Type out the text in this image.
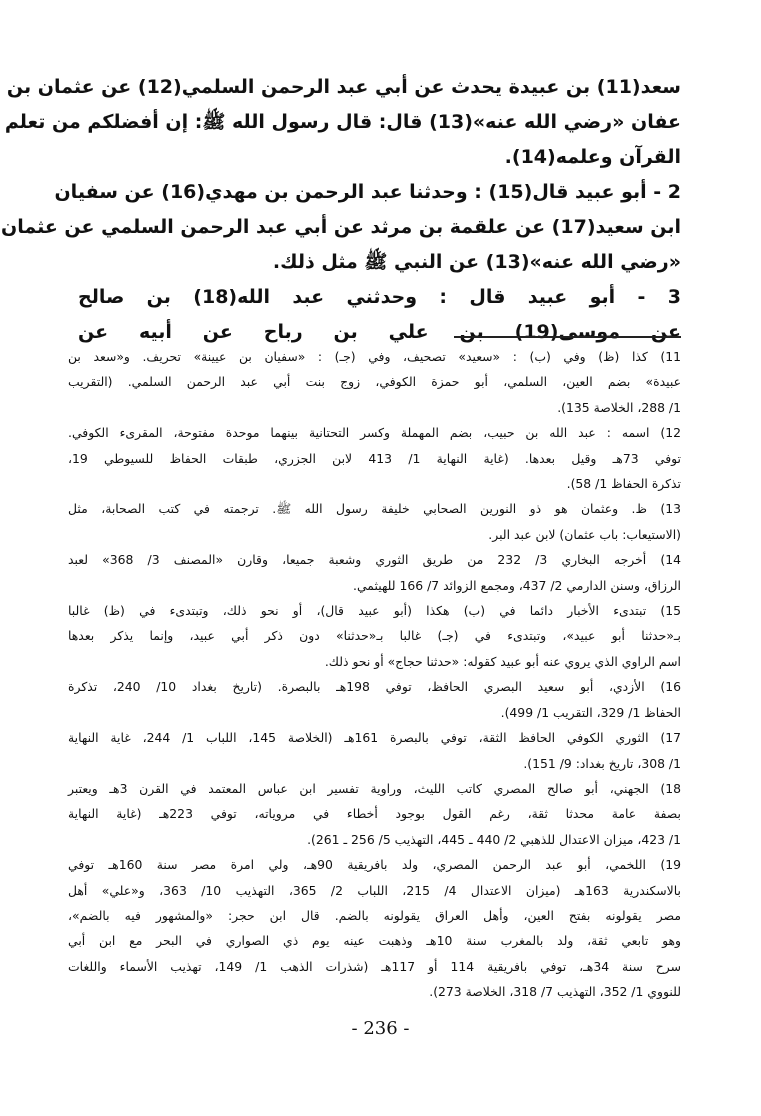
سعد(11) بن عبيدة يحدث عن أبي عبد الرحمن السلمي(12) عن عثمان بن

عفان «رضي الله عنه»(13) قال: قال رسول الله ﷺ: إن أفضلكم من تعلم

القرآن وعلمه(14).

2 - أبو عبيد قال(15) : وحدثنا عبد الرحمن بن مهدي(16) عن سفيان

ابن سعيد(17) عن علقمة بن مرثد عن أبي عبد الرحمن السلمي عن عثمان

«رضي الله عنه»(13) عن النبي ﷺ مثل ذلك.

3 - أبو عبيد قال : وحدثني عبد الله(18) بن صالح

عن موسى(19) بن علي بن رباح عن أبيه عن

11) كذا (ظ) وفي (ب) : «سعيد» تصحيف، وفي (جـ) : «سفيان بن عيينة» تحريف. و«سعد بن
عبيدة» بضم العين، السلمي، أبو حمزة الكوفي، زوج بنت أبي عبد الرحمن السلمي. (التقريب
1/ 288، الخلاصة 135).
12) اسمه : عبد الله بن حبيب، بضم المهملة وكسر التحتانية بينهما موحدة مفتوحة، المقرىء الكوفي.
توفي 73هـ وقيل بعدها. (غاية النهاية 1/ 413 لابن الجزري، طبقات الحفاظ للسيوطي 19،
تذكرة الحفاظ 1/ 58).
13) ظ. وعثمان هو ذو النورين الصحابي خليفة رسول الله ﷺ. ترجمته في كتب الصحابة، مثل
(الاستيعاب: باب عثمان) لابن عبد البر.
14) أخرجه البخاري 3/ 232 من طريق الثوري وشعبة جميعا، وقارن «المصنف 3/ 368» لعبد
الرزاق، وسنن الدارمي 2/ 437، ومجمع الزوائد 7/ 166 للهيثمي.
15) تبتدىء الأخبار دائما في (ب) هكذا (أبو عبيد قال)، أو نحو ذلك، وتبتدىء في (ظ) غالبا
بـ«حدثنا أبو عبيد»، وتبتدىء في (جـ) غالبا بـ«حدثنا» دون ذكر أبي عبيد، وإنما يذكر بعدها
اسم الراوي الذي يروي عنه أبو عبيد كقوله: «حدثنا حجاج» أو نحو ذلك.
16) الأزدي، أبو سعيد البصري الحافظ، توفي 198هـ بالبصرة. (تاريخ بغداد 10/ 240، تذكرة
الحفاظ 1/ 329، التقريب 1/ 499).
17) الثوري الكوفي الحافظ الثقة، توفي بالبصرة 161هـ (الخلاصة 145، اللباب 1/ 244، غاية النهاية
1/ 308، تاريخ بغداد: 9/ 151).
18) الجهني، أبو صالح المصري كاتب الليث، وراوية تفسير ابن عباس المعتمد في القرن 3هـ ويعتبر
بصفة عامة محدثا ثقة، رغم القول بوجود أخطاء في مروياته، توفي 223هـ (غاية النهاية
1/ 423، ميزان الاعتدال للذهبي 2/ 440 ـ 445، التهذيب 5/ 256 ـ 261).
19) اللخمي، أبو عبد الرحمن المصري، ولد بافريقية 90هـ، ولي امرة مصر سنة 160هـ توفي
بالاسكندرية 163هـ (ميزان الاعتدال 4/ 215، اللباب 2/ 365، التهذيب 10/ 363، و«علي» أهل
مصر يقولونه بفتح العين، وأهل العراق يقولونه بالضم. قال ابن حجر: «والمشهور فيه بالضم»،
وهو تابعي ثقة، ولد بالمغرب سنة 10هـ وذهبت عينه يوم ذي الصواري في البحر مع ابن أبي
سرح سنة 34هـ، توفي بافريقية 114 أو 117هـ (شذرات الذهب 1/ 149، تهذيب الأسماء واللغات
للنووي 1/ 352، التهذيب 7/ 318، الخلاصة 273).
- 236 -
